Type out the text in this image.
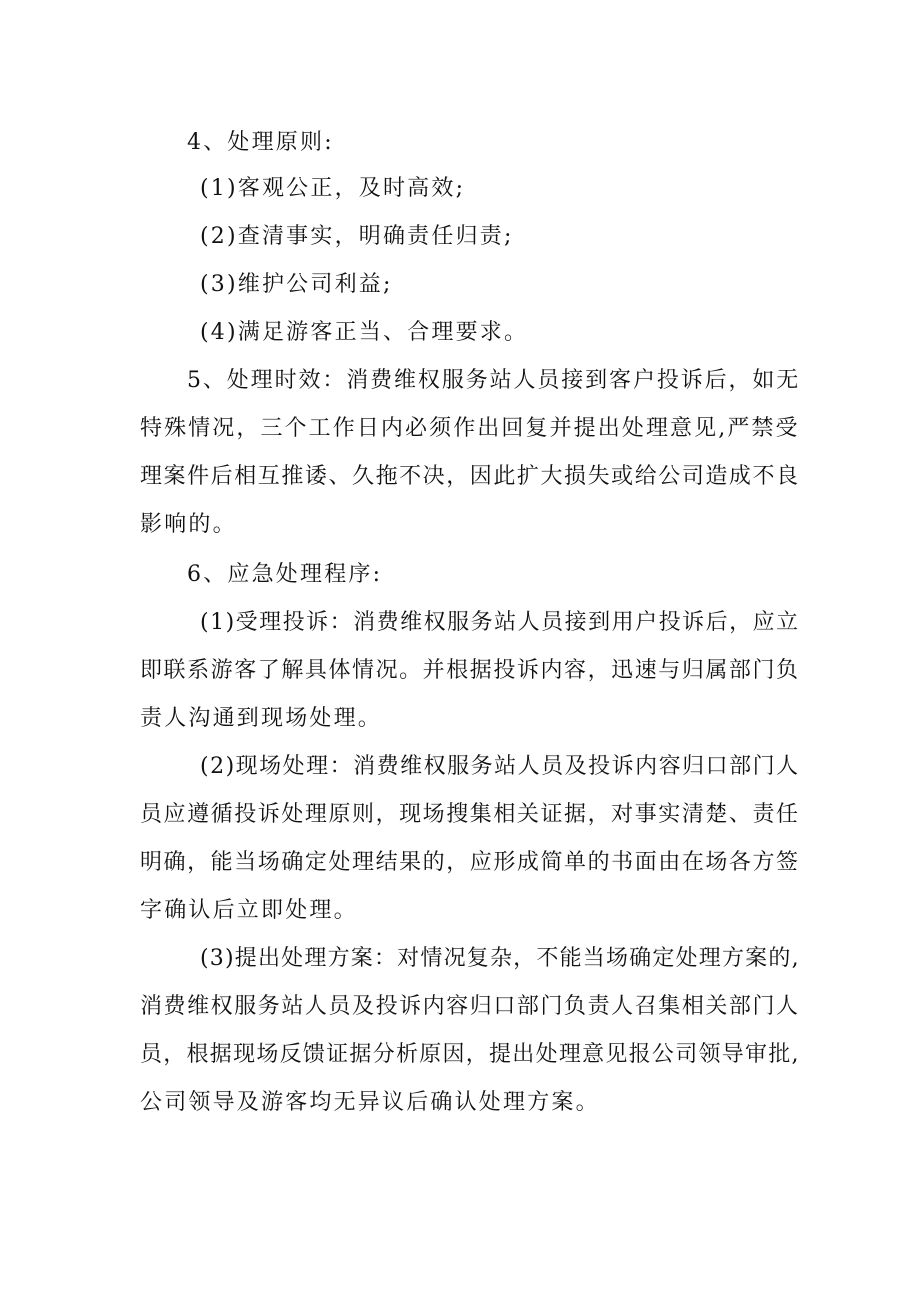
4、处理原则:
(1)客观公正，及时高效;
(2)查清事实，明确责任归责;
(3)维护公司利益;
(4)满足游客正当、合理要求。
5、处理时效：消费维权服务站人员接到客户投诉后，如无
特殊情况，三个工作日内必须作出回复并提出处理意见,严禁受
理案件后相互推诿、久拖不决，因此扩大损失或给公司造成不良
影响的。
6、应急处理程序:
(1)受理投诉：消费维权服务站人员接到用户投诉后，应立
即联系游客了解具体情况。并根据投诉内容，迅速与归属部门负
责人沟通到现场处理。
(2)现场处理：消费维权服务站人员及投诉内容归口部门人
员应遵循投诉处理原则，现场搜集相关证据，对事实清楚、责任
明确，能当场确定处理结果的，应形成简单的书面由在场各方签
字确认后立即处理。
(3)提出处理方案：对情况复杂，不能当场确定处理方案的,
消费维权服务站人员及投诉内容归口部门负责人召集相关部门人
员，根据现场反馈证据分析原因，提出处理意见报公司领导审批,
公司领导及游客均无异议后确认处理方案。
